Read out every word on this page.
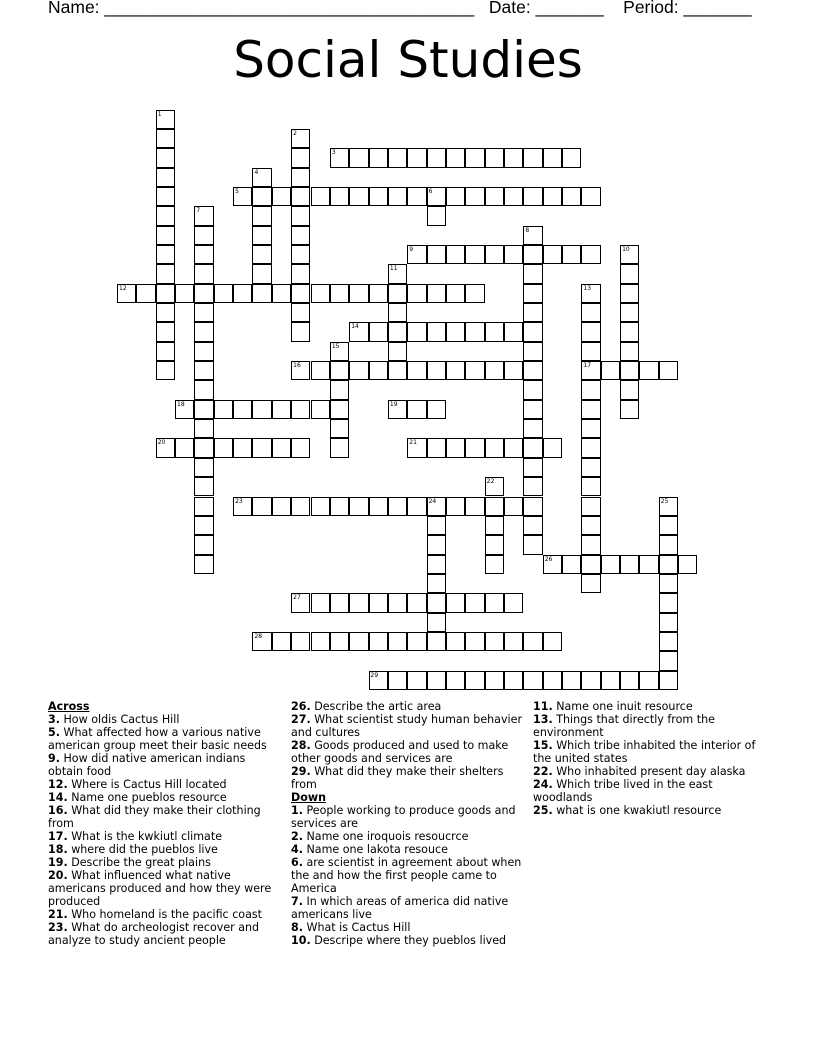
Name: ______________________________________ Date: _______ Period: _______
Social Studies
1
2
3
4
5	6
7
8
9	10
11
12	13
17
14
15
16
18	19
20	21
22
23	24	25
26
27
28
29
Across
3. How oldis Cactus Hill
5. What affected how a various native american group meet their basic needs
9. How did native american indians obtain food
12. Where is Cactus Hill located
14. Name one pueblos resource
16. What did they make their clothing from
17. What is the kwkiutl climate
18. where did the pueblos live
19. Describe the great plains
20. What influenced what native americans produced and how they were produced
21. Who homeland is the pacific coast
23. What do archeologist recover and analyze to study ancient people
26. Describe the artic area
27. What scientist study human behavier and cultures
28. Goods produced and used to make other goods and services are
29. What did they make their shelters from
Down
1. People working to produce goods and services are
2. Name one iroquois resoucrce
4. Name one lakota resouce
6. are scientist in agreement about when the and how the first people came to America
7. In which areas of america did native americans live
8. What is Cactus Hill
10. Descripe where they pueblos lived
11. Name one inuit resource
13. Things that directly from the environment
15. Which tribe inhabited the interior of the united states
22. Who inhabited present day alaska
24. Which tribe lived in the east woodlands
25. what is one kwakiutl resource
